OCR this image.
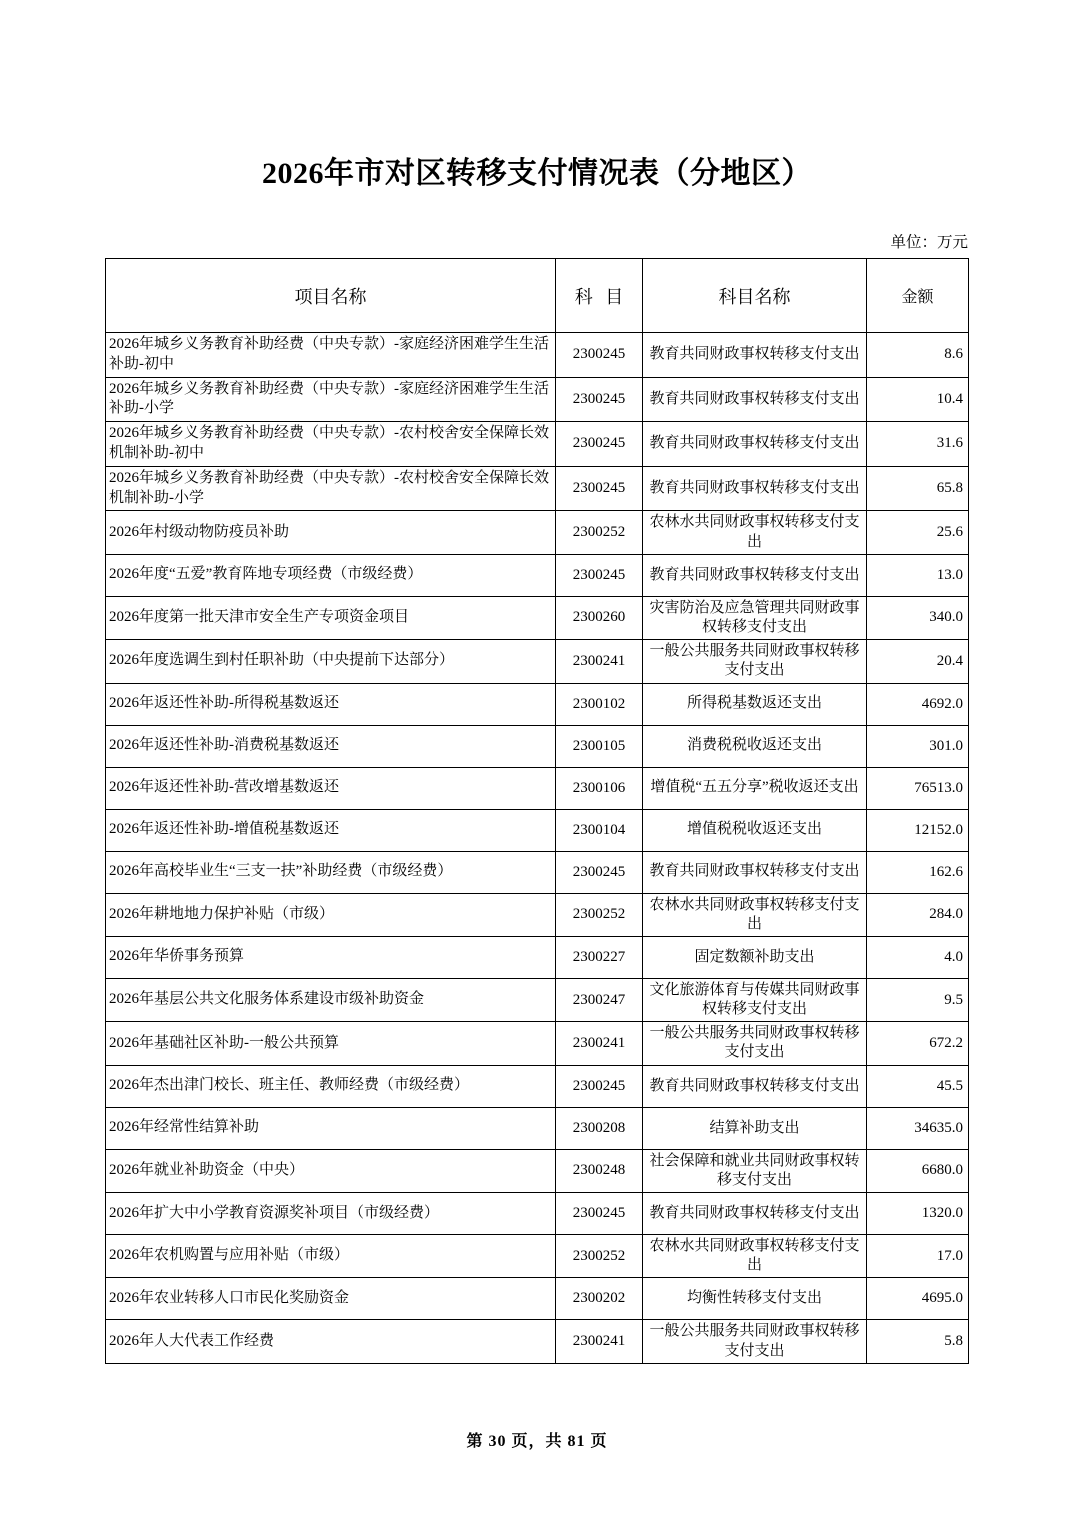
2026年市对区转移支付情况表（分地区）
单位：万元
项目名称	科 目	科目名称	金额
2026年城乡义务教育补助经费（中央专款）-家庭经济困难学生生活补助-初中	2300245	教育共同财政事权转移支付支出	8.6
2026年城乡义务教育补助经费（中央专款）-家庭经济困难学生生活补助-小学	2300245	教育共同财政事权转移支付支出	10.4
2026年城乡义务教育补助经费（中央专款）-农村校舍安全保障长效机制补助-初中	2300245	教育共同财政事权转移支付支出	31.6
2026年城乡义务教育补助经费（中央专款）-农村校舍安全保障长效机制补助-小学	2300245	教育共同财政事权转移支付支出	65.8
2026年村级动物防疫员补助	2300252	农林水共同财政事权转移支付支出	25.6
2026年度“五爱”教育阵地专项经费（市级经费）	2300245	教育共同财政事权转移支付支出	13.0
2026年度第一批天津市安全生产专项资金项目	2300260	灾害防治及应急管理共同财政事权转移支付支出	340.0
2026年度选调生到村任职补助（中央提前下达部分）	2300241	一般公共服务共同财政事权转移支付支出	20.4
2026年返还性补助-所得税基数返还	2300102	所得税基数返还支出	4692.0
2026年返还性补助-消费税基数返还	2300105	消费税税收返还支出	301.0
2026年返还性补助-营改增基数返还	2300106	增值税“五五分享”税收返还支出	76513.0
2026年返还性补助-增值税基数返还	2300104	增值税税收返还支出	12152.0
2026年高校毕业生“三支一扶”补助经费（市级经费）	2300245	教育共同财政事权转移支付支出	162.6
2026年耕地地力保护补贴（市级）	2300252	农林水共同财政事权转移支付支出	284.0
2026年华侨事务预算	2300227	固定数额补助支出	4.0
2026年基层公共文化服务体系建设市级补助资金	2300247	文化旅游体育与传媒共同财政事权转移支付支出	9.5
2026年基础社区补助-一般公共预算	2300241	一般公共服务共同财政事权转移支付支出	672.2
2026年杰出津门校长、班主任、教师经费（市级经费）	2300245	教育共同财政事权转移支付支出	45.5
2026年经常性结算补助	2300208	结算补助支出	34635.0
2026年就业补助资金（中央）	2300248	社会保障和就业共同财政事权转移支付支出	6680.0
2026年扩大中小学教育资源奖补项目（市级经费）	2300245	教育共同财政事权转移支付支出	1320.0
2026年农机购置与应用补贴（市级）	2300252	农林水共同财政事权转移支付支出	17.0
2026年农业转移人口市民化奖励资金	2300202	均衡性转移支付支出	4695.0
2026年人大代表工作经费	2300241	一般公共服务共同财政事权转移支付支出	5.8
第 30 页，共 81 页
